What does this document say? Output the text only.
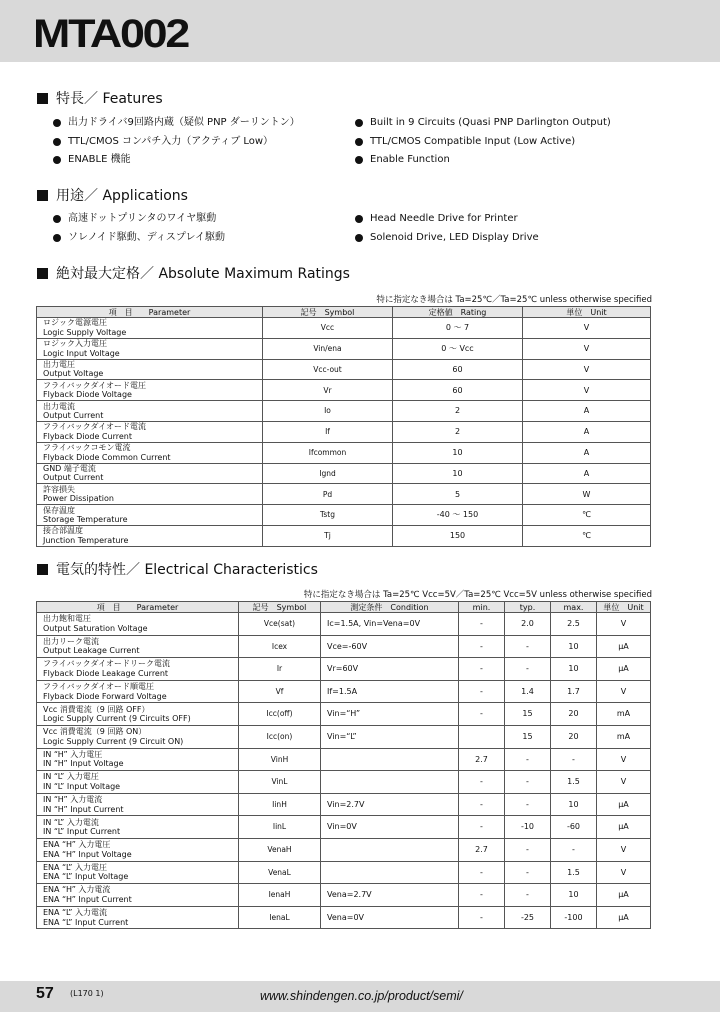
MTA002
特長／ Features
出力ドライバ9回路内蔵（疑似 PNP ダーリントン）
TTL/CMOS コンパチ入力（アクティブ Low）
ENABLE 機能
Built in 9 Circuits (Quasi PNP Darlington Output)
TTL/CMOS Compatible Input (Low Active)
Enable Function
用途／ Applications
高速ドットプリンタのワイヤ駆動
ソレノイド駆動、ディスプレイ駆動
Head Needle Drive for Printer
Solenoid Drive, LED Display Drive
絶対最大定格／ Absolute Maximum Ratings
特に指定なき場合は Ta=25℃／Ta=25℃ unless otherwise specified
項　目　　Parameter	記号　Symbol	定格値　Rating	単位　Unit

ロジック電源電圧
Logic Supply Voltage	Vcc	0 ～ 7	V

ロジック入力電圧
Logic Input Voltage	Vin/ena	0 ～ Vcc	V

出力電圧
Output Voltage	Vcc-out	60	V

フライバックダイオード電圧
Flyback Diode Voltage	Vr	60	V

出力電流
Output Current	Io	2	A

フライバックダイオード電流
Flyback Diode Current	If	2	A

フライバックコモン電流
Flyback Diode Common Current	Ifcommon	10	A

GND 端子電流
Output Current	Ignd	10	A

許容損失
Power Dissipation	Pd	5	W

保存温度
Storage Temperature	Tstg	-40 ～ 150	℃

接合部温度
Junction Temperature	Tj	150	℃
電気的特性／ Electrical Characteristics
特に指定なき場合は Ta=25℃ Vcc=5V／Ta=25℃ Vcc=5V unless otherwise specified
項　目　　Parameter	記号　Symbol	測定条件　Condition	min.	typ.	max.	単位　Unit

出力飽和電圧
Output Saturation Voltage	Vce(sat)	Ic=1.5A, Vin=Vena=0V	-	2.0	2.5	V

出力リーク電流
Output Leakage Current	Icex	Vce=-60V	-	-	10	μA

フライバックダイオードリーク電流
Flyback Diode Leakage Current	Ir	Vr=60V	-	-	10	μA

フライバックダイオード順電圧
Flyback Diode Forward Voltage	Vf	If=1.5A	-	1.4	1.7	V

Vcc 消費電流（9 回路 OFF）
Logic Supply Current (9 Circuits OFF)	Icc(off)	Vin=“H”	-	15	20	mA

Vcc 消費電流（9 回路 ON）
Logic Supply Current (9 Circuit ON)	Icc(on)	Vin=“L”		15	20	mA

IN “H” 入力電圧
IN “H” Input Voltage	VinH		2.7	-	-	V

IN “L” 入力電圧
IN “L” Input Voltage	VinL		-	-	1.5	V

IN “H” 入力電流
IN “H” Input Current	IinH	Vin=2.7V	-	-	10	μA

IN “L” 入力電流
IN “L” Input Current	IinL	Vin=0V	-	-10	-60	μA

ENA “H” 入力電圧
ENA “H” Input Voltage	VenaH		2.7	-	-	V

ENA “L” 入力電圧
ENA “L” Input Voltage	VenaL		-	-	1.5	V

ENA “H” 入力電流
ENA “H” Input Current	IenaH	Vena=2.7V	-	-	10	μA

ENA “L” 入力電流
ENA “L” Input Current	IenaL	Vena=0V	-	-25	-100	μA
57 (L170 1)	www.shindengen.co.jp/product/semi/
